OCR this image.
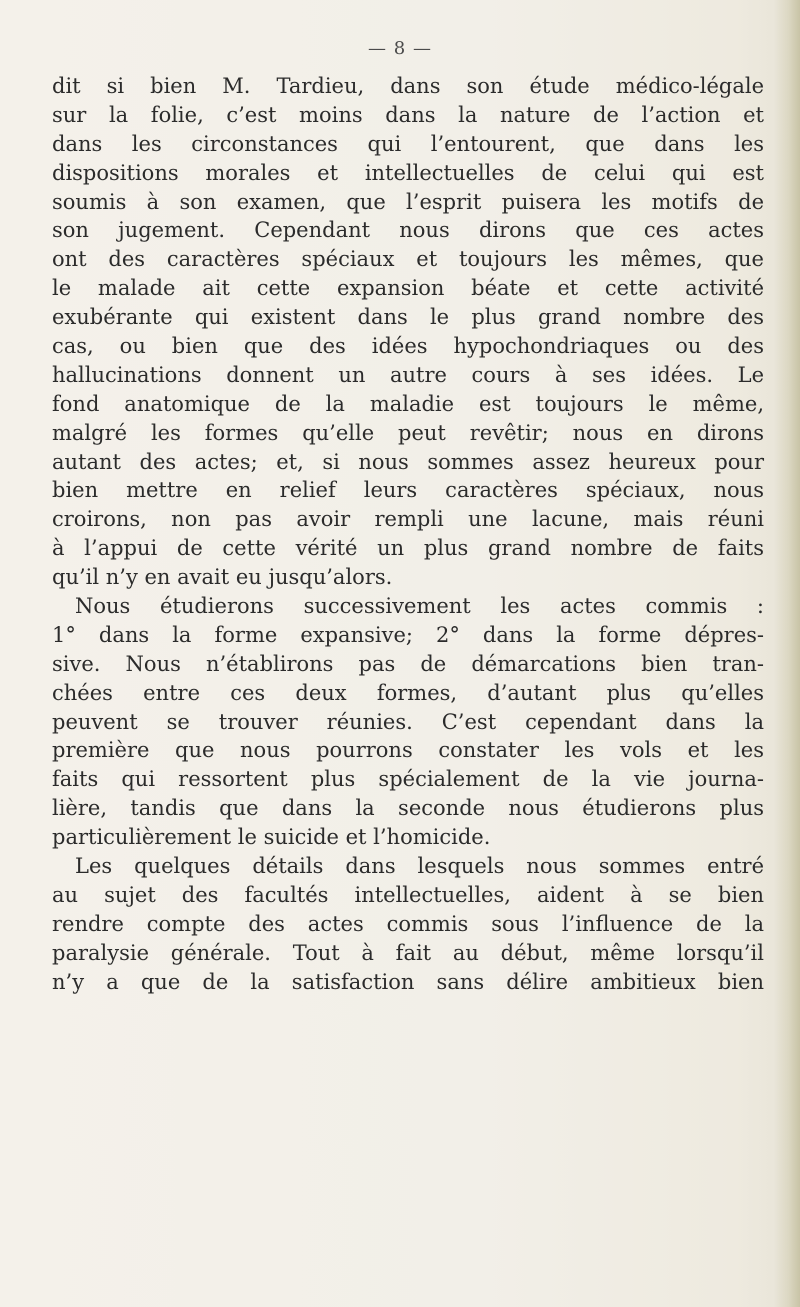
— 8 —
dit si bien M. Tardieu, dans son étude médico-légale
sur la folie, c’est moins dans la nature de l’action et
dans les circonstances qui l’entourent, que dans les
dispositions morales et intellectuelles de celui qui est
soumis à son examen, que l’esprit puisera les motifs de
son jugement. Cependant nous dirons que ces actes
ont des caractères spéciaux et toujours les mêmes, que
le malade ait cette expansion béate et cette activité
exubérante qui existent dans le plus grand nombre des
cas, ou bien que des idées hypochondriaques ou des
hallucinations donnent un autre cours à ses idées. Le
fond anatomique de la maladie est toujours le même,
malgré les formes qu’elle peut revêtir; nous en dirons
autant des actes; et, si nous sommes assez heureux pour
bien mettre en relief leurs caractères spéciaux, nous
croirons, non pas avoir rempli une lacune, mais réuni
à l’appui de cette vérité un plus grand nombre de faits
qu’il n’y en avait eu jusqu’alors.
Nous étudierons successivement les actes commis :
1° dans la forme expansive; 2° dans la forme dépres-
sive. Nous n’établirons pas de démarcations bien tran-
chées entre ces deux formes, d’autant plus qu’elles
peuvent se trouver réunies. C’est cependant dans la
première que nous pourrons constater les vols et les
faits qui ressortent plus spécialement de la vie journa-
lière, tandis que dans la seconde nous étudierons plus
particulièrement le suicide et l’homicide.
Les quelques détails dans lesquels nous sommes entré
au sujet des facultés intellectuelles, aident à se bien
rendre compte des actes commis sous l’influence de la
paralysie générale. Tout à fait au début, même lorsqu’il
n’y a que de la satisfaction sans délire ambitieux bien
